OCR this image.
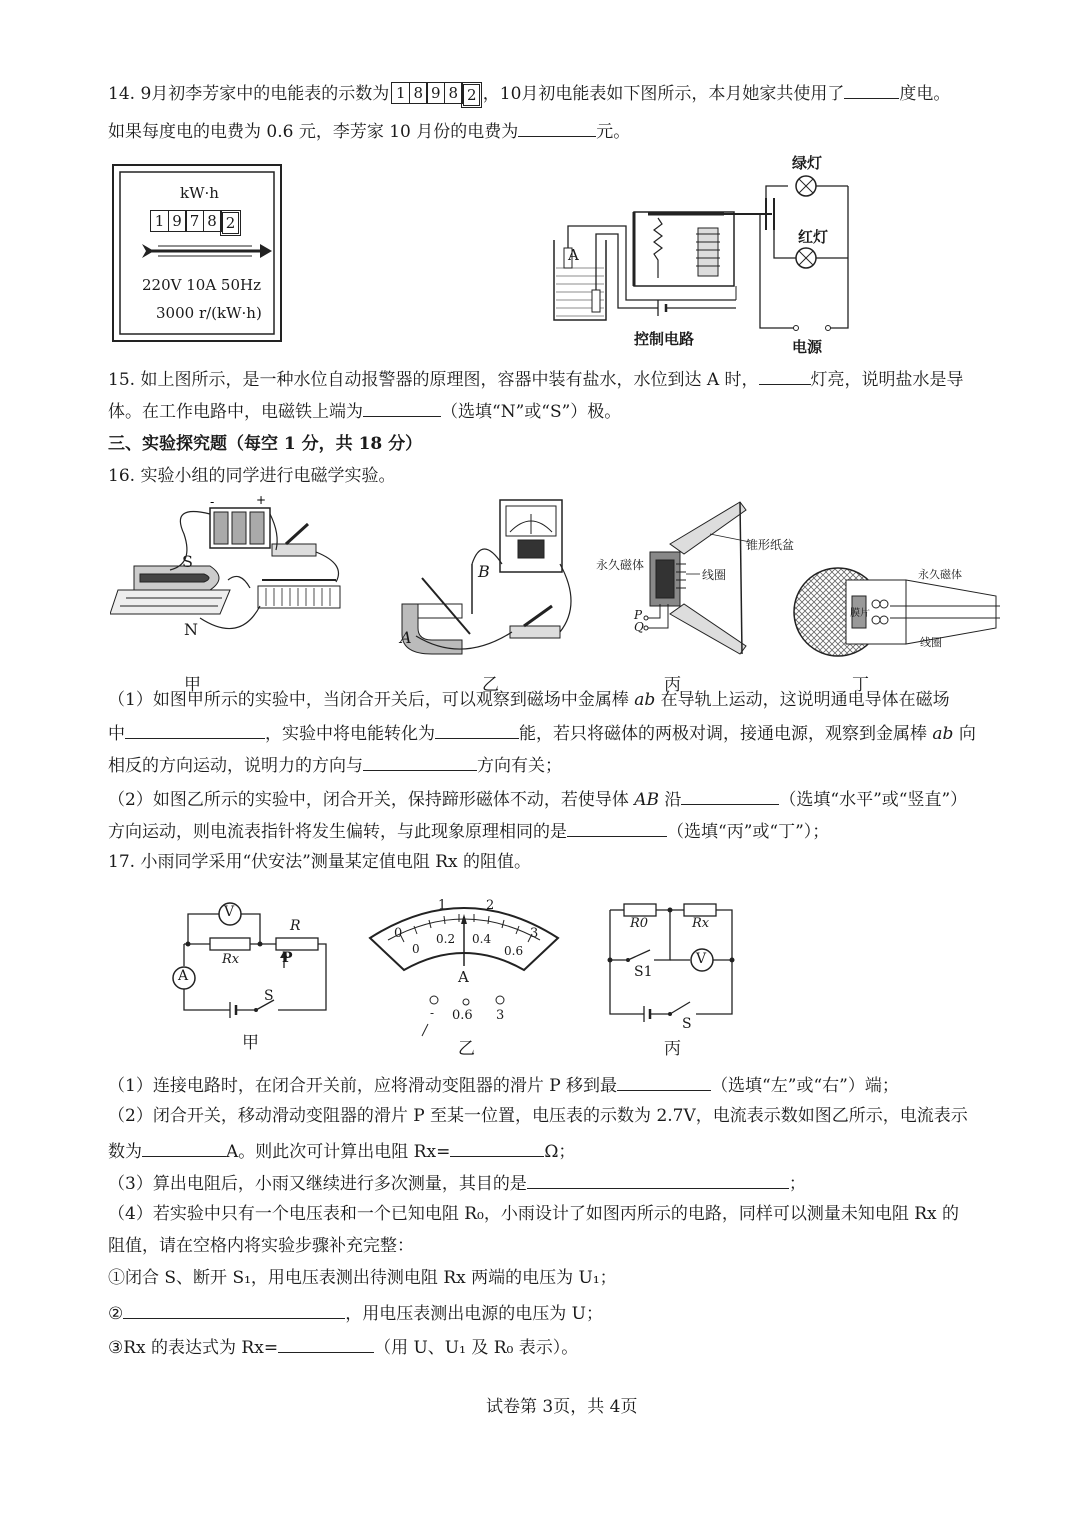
14. 9月初李芳家中的电能表的示数为 1 8 9 8 2 ，10月初电能表如下图所示，本月她家共使用了	度电。
如果每度电的电费为 0.6 元，李芳家 10 月份的电费为	元。
kW·h
1 9 7 8 2
220V 10A 50Hz
3000 r/(kW·h)
A
绿灯
红灯
控制电路	电源
15. 如上图所示，是一种水位自动报警器的原理图，容器中装有盐水，水位到达 A 时，	灯亮，说明盐水是导
体。在工作电路中，电磁铁上端为	（选填“N”或“S”）极。
三、实验探究题（每空 1 分，共 18 分）
16. 实验小组的同学进行电磁学实验。
-	+
S
N
B
A
永久磁体
锥形纸盆
线圈
P
Q
永久磁体
膜片
线圈
甲	乙	丙	丁
（1）如图甲所示的实验中，当闭合开关后，可以观察到磁场中金属棒 ab 在导轨上运动，这说明通电导体在磁场
中	，实验中将电能转化为	能，若只将磁体的两极对调，接通电源，观察到金属棒 ab 向
相反的方向运动，说明力的方向与	方向有关；
（2）如图乙所示的实验中，闭合开关，保持蹄形磁体不动，若使导体 AB 沿	（选填“水平”或“竖直”）
方向运动，则电流表指针将发生偏转，与此现象原理相同的是	（选填“丙”或“丁”）；
17. 小雨同学采用“伏安法”测量某定值电阻 Rx 的阻值。
V
A
R
Rx	P
S
甲
0
1	2
3
0
0.2 0.4
0.6
A
- 0.6 3
乙
R0	Rx
V
S1
S
丙
（1）连接电路时，在闭合开关前，应将滑动变阻器的滑片 P 移到最	（选填“左”或“右”）端；
（2）闭合开关，移动滑动变阻器的滑片 P 至某一位置，电压表的示数为 2.7V，电流表示数如图乙所示，电流表示
数为	A。则此次可计算出电阻 Rx=	Ω；
（3）算出电阻后，小雨又继续进行多次测量，其目的是	；
（4）若实验中只有一个电压表和一个已知电阻 R₀，小雨设计了如图丙所示的电路，同样可以测量未知电阻 Rx 的
阻值，请在空格内将实验步骤补充完整：
①闭合 S、断开 S₁，用电压表测出待测电阻 Rx 两端的电压为 U₁；
②	，用电压表测出电源的电压为 U；
③Rx 的表达式为 Rx=	（用 U、U₁ 及 R₀ 表示）。
试卷第 3页，共 4页
